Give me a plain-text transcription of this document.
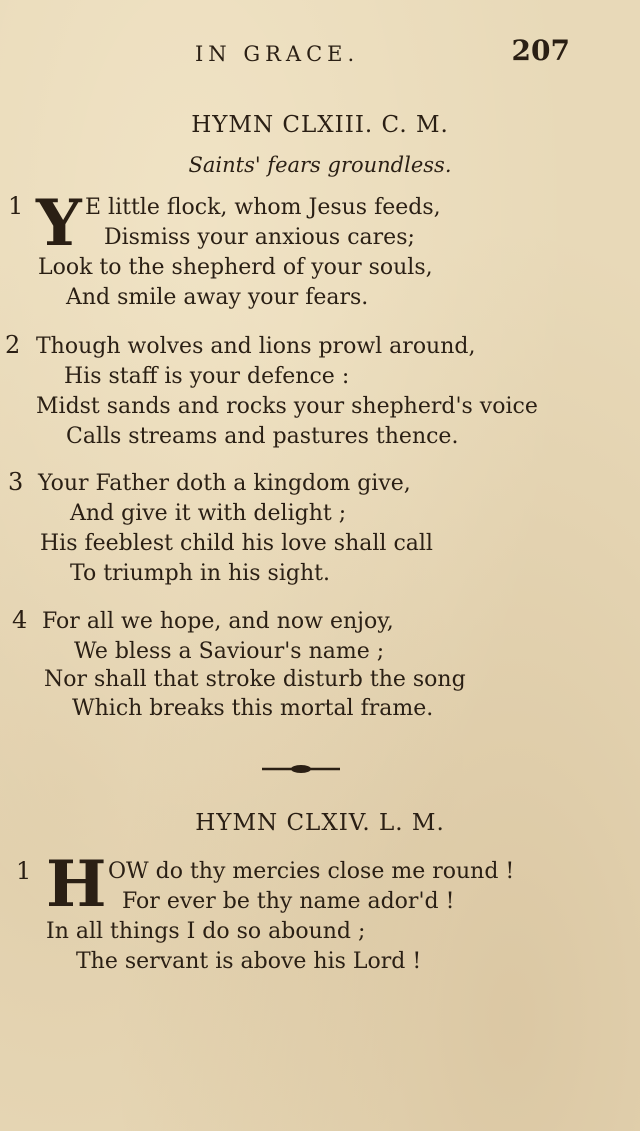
IN GRACE.	207
HYMN CLXIII. C. M.
Saints' fears groundless.
1 Y E little flock, whom Jesus feeds,
Dismiss your anxious cares;
Look to the shepherd of your souls,
And smile away your fears.
2 Though wolves and lions prowl around,
His staff is your defence :
Midst sands and rocks your shepherd's voice
Calls streams and pastures thence.
3 Your Father doth a kingdom give,
And give it with delight ;
His feeblest child his love shall call
To triumph in his sight.
4 For all we hope, and now enjoy,
We bless a Saviour's name ;
Nor shall that stroke disturb the song
Which breaks this mortal frame.
HYMN CLXIV. L. M.
1 H OW do thy mercies close me round !
For ever be thy name ador'd !
In all things I do so abound ;
The servant is above his Lord !
